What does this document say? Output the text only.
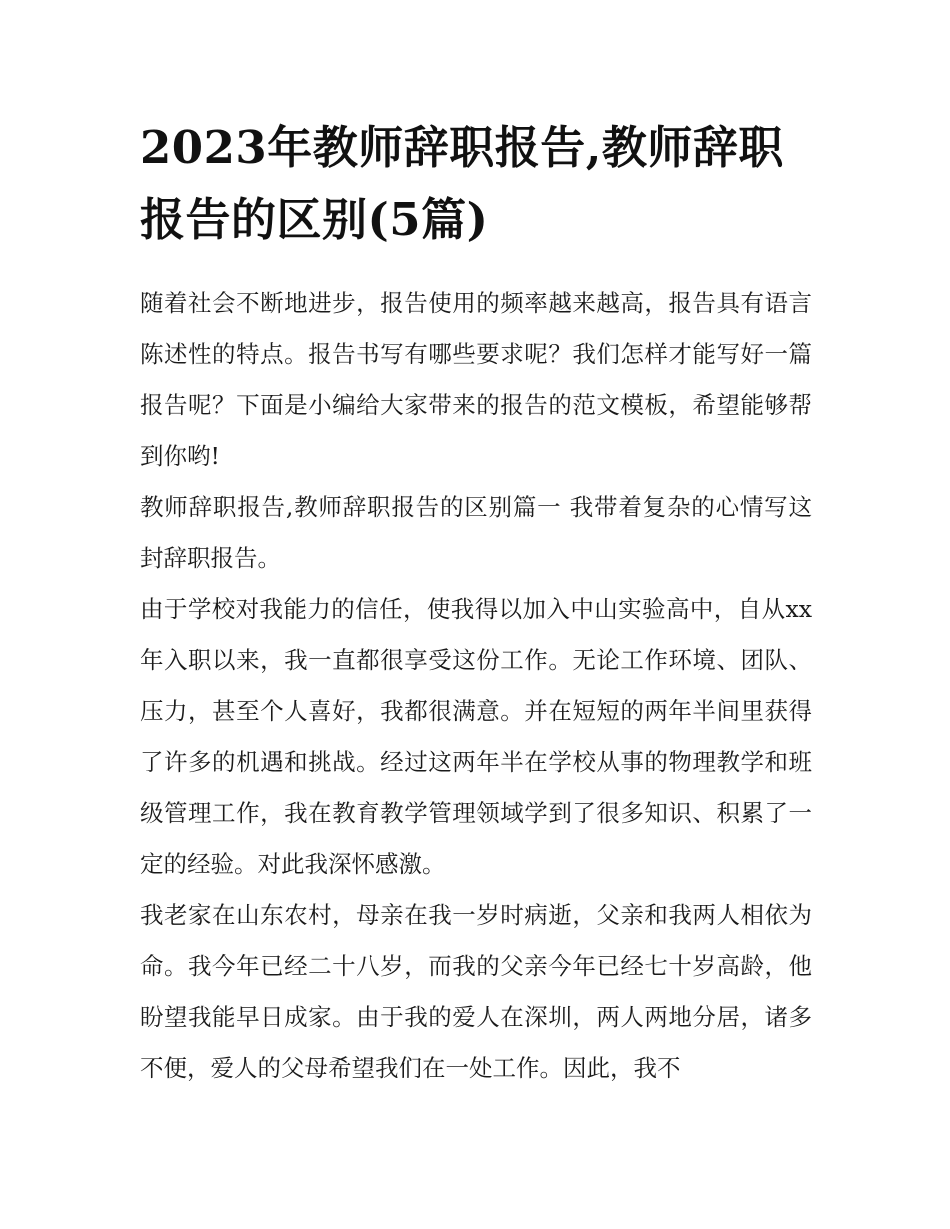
2023年教师辞职报告,教师辞职报告的区别(5篇)

随着社会不断地进步，报告使用的频率越来越高，报告具有语言陈述性的特点。报告书写有哪些要求呢？我们怎样才能写好一篇报告呢？下面是小编给大家带来的报告的范文模板，希望能够帮到你哟!

教师辞职报告,教师辞职报告的区别篇一 我带着复杂的心情写这封辞职报告。

由于学校对我能力的信任，使我得以加入中山实验高中，自从xx年入职以来，我一直都很享受这份工作。无论工作环境、团队、压力，甚至个人喜好，我都很满意。并在短短的两年半间里获得了许多的机遇和挑战。经过这两年半在学校从事的物理教学和班级管理工作，我在教育教学管理领域学到了很多知识、积累了一定的经验。对此我深怀感激。

我老家在山东农村，母亲在我一岁时病逝，父亲和我两人相依为命。我今年已经二十八岁，而我的父亲今年已经七十岁高龄，他盼望我能早日成家。由于我的爱人在深圳，两人两地分居，诸多不便，爱人的父母希望我们在一处工作。因此，我不
